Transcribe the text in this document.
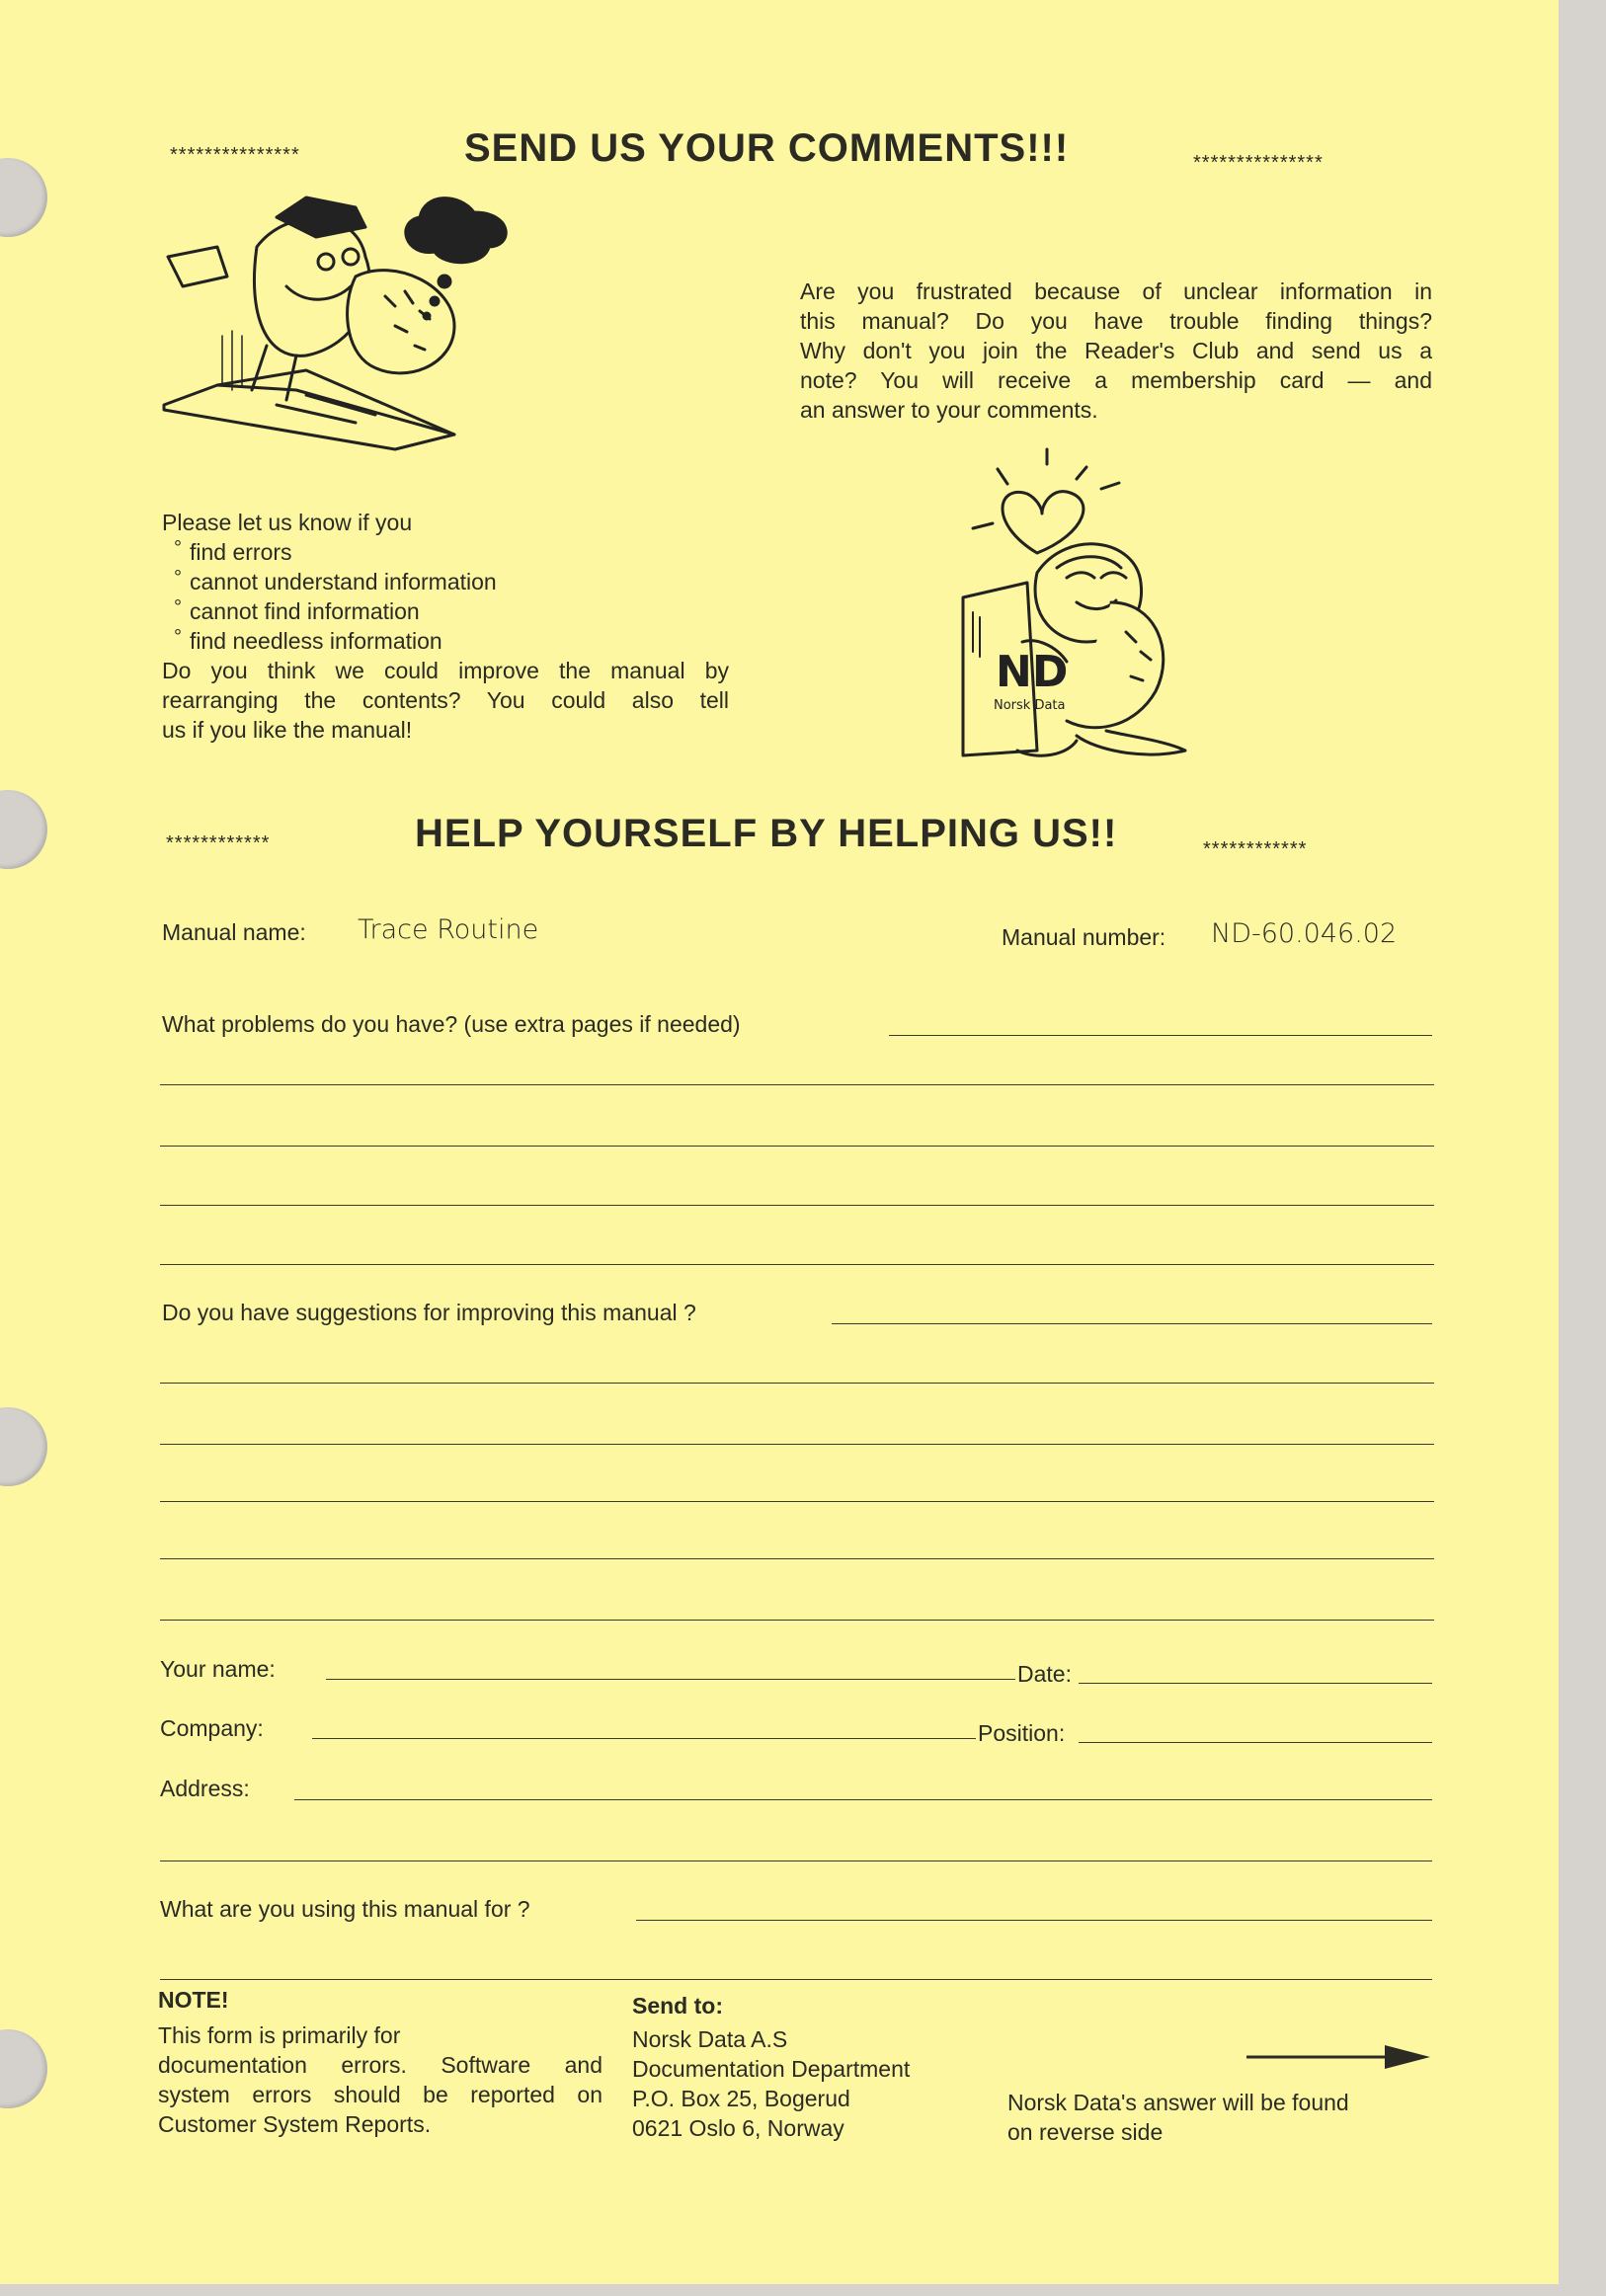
***************	SEND US YOUR COMMENTS!!!	***************
Are you frustrated because of unclear information in
this manual? Do you have trouble finding things?
Why don't you join the Reader's Club and send us a
note? You will receive a membership card — and
an answer to your comments.
Please let us know if you
° find errors
° cannot understand information
° cannot find information
° find needless information
Do you think we could improve the manual by
rearranging the contents? You could also tell
us if you like the manual!
ND
Norsk Data
************	HELP YOURSELF BY HELPING US!!	************
Manual name: Trace Routine	Manual number: ND-60.046.02
What problems do you have? (use extra pages if needed)
Do you have suggestions for improving this manual ?
Your name:	Date:
Company:	Position:
Address:
What are you using this manual for ?
NOTE!
This form is primarily for
documentation errors. Software and
system errors should be reported on
Customer System Reports.
Send to:
Norsk Data A.S
Documentation Department
P.O. Box 25, Bogerud
0621 Oslo 6, Norway
Norsk Data's answer will be found
on reverse side
